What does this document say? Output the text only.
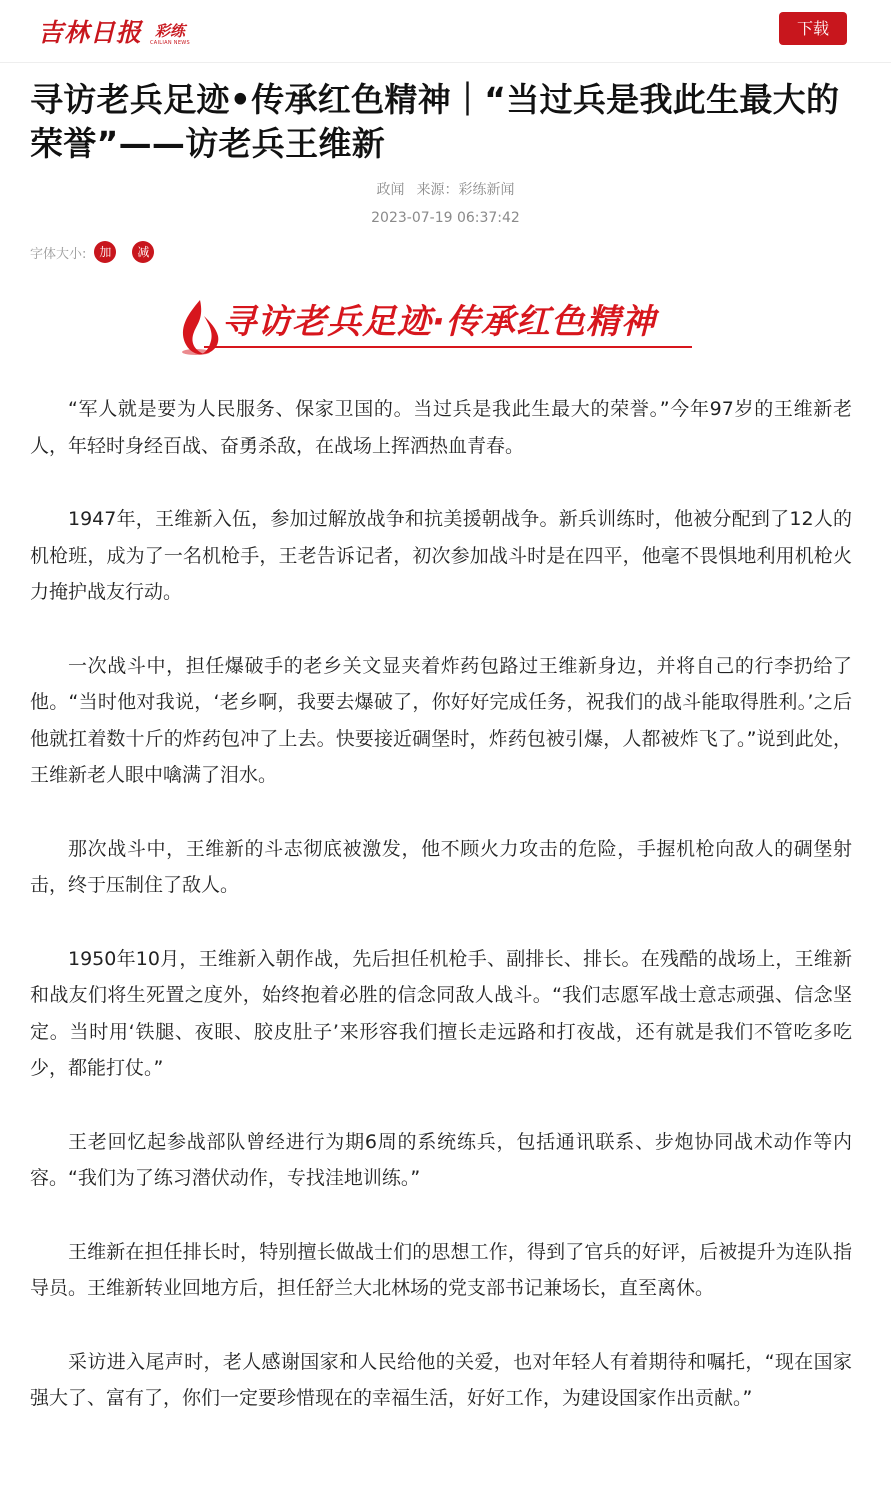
吉林日报 彩练
CAILIAN NEWS
下载
寻访老兵足迹•传承红色精神｜“当过兵是我此生最大的荣誉”——访老兵王维新
政闻 来源：彩练新闻
2023-07-19 06:37:42
字体大小:	加	减
寻访老兵足迹·传承红色精神

“军人就是要为人民服务、保家卫国的。当过兵是我此生最大的荣誉。”今年97岁的王维新老人，年轻时身经百战、奋勇杀敌，在战场上挥洒热血青春。

1947年，王维新入伍，参加过解放战争和抗美援朝战争。新兵训练时，他被分配到了12人的机枪班，成为了一名机枪手，王老告诉记者，初次参加战斗时是在四平，他毫不畏惧地利用机枪火力掩护战友行动。

一次战斗中，担任爆破手的老乡关文显夹着炸药包路过王维新身边，并将自己的行李扔给了他。“当时他对我说，‘老乡啊，我要去爆破了，你好好完成任务，祝我们的战斗能取得胜利。’之后他就扛着数十斤的炸药包冲了上去。快要接近碉堡时，炸药包被引爆，人都被炸飞了。”说到此处，王维新老人眼中噙满了泪水。

那次战斗中，王维新的斗志彻底被激发，他不顾火力攻击的危险，手握机枪向敌人的碉堡射击，终于压制住了敌人。

1950年10月，王维新入朝作战，先后担任机枪手、副排长、排长。在残酷的战场上，王维新和战友们将生死置之度外，始终抱着必胜的信念同敌人战斗。“我们志愿军战士意志顽强、信念坚定。当时用‘铁腿、夜眼、胶皮肚子’来形容我们擅长走远路和打夜战，还有就是我们不管吃多吃少，都能打仗。”

王老回忆起参战部队曾经进行为期6周的系统练兵，包括通讯联系、步炮协同战术动作等内容。“我们为了练习潜伏动作，专找洼地训练。”

王维新在担任排长时，特别擅长做战士们的思想工作，得到了官兵的好评，后被提升为连队指导员。王维新转业回地方后，担任舒兰大北林场的党支部书记兼场长，直至离休。

采访进入尾声时，老人感谢国家和人民给他的关爱，也对年轻人有着期待和嘱托，“现在国家强大了、富有了，你们一定要珍惜现在的幸福生活，好好工作，为建设国家作出贡献。”
